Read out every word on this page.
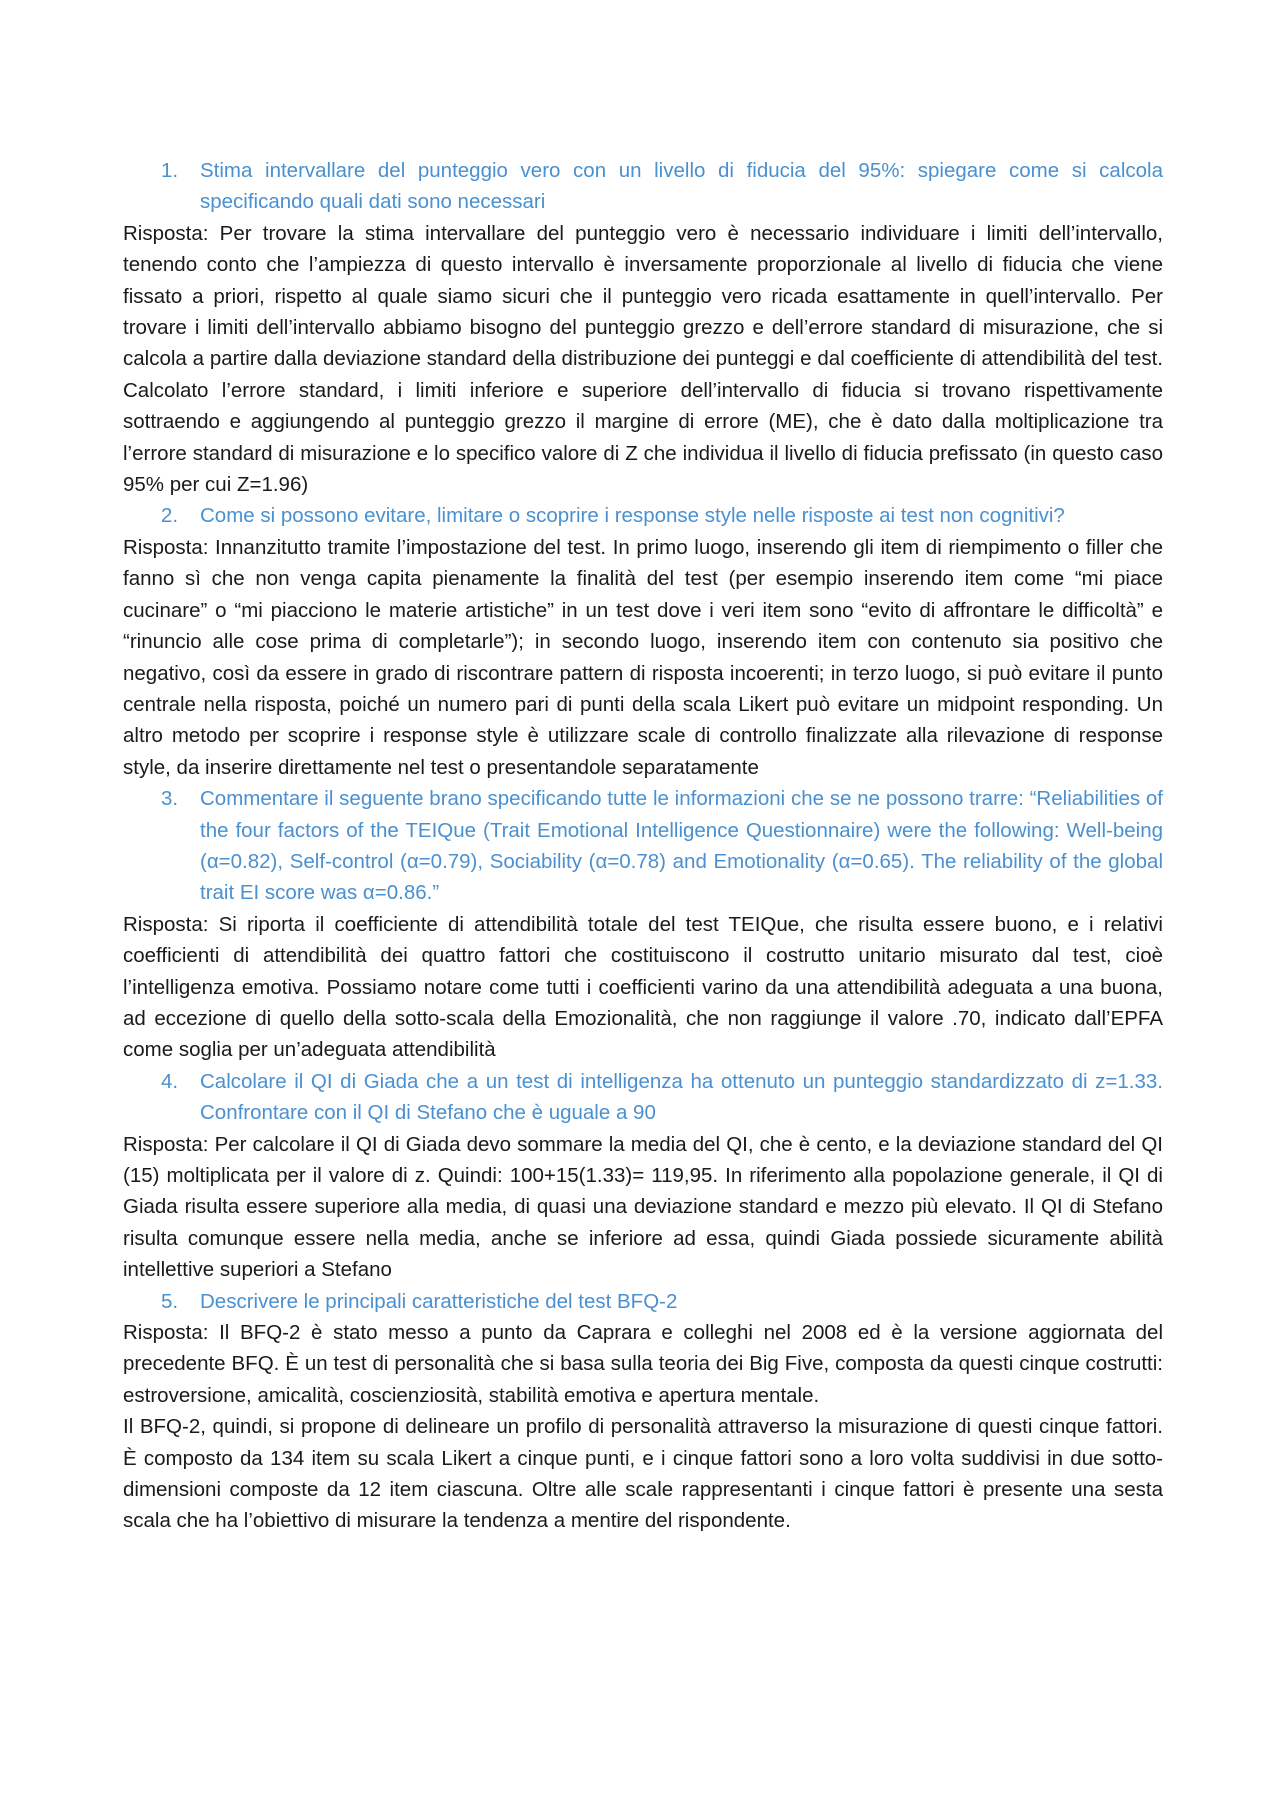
1.	Stima intervallare del punteggio vero con un livello di fiducia del 95%: spiegare come si calcola specificando quali dati sono necessari

Risposta: Per trovare la stima intervallare del punteggio vero è necessario individuare i limiti dell’intervallo, tenendo conto che l’ampiezza di questo intervallo è inversamente proporzionale al livello di fiducia che viene fissato a priori, rispetto al quale siamo sicuri che il punteggio vero ricada esattamente in quell’intervallo. Per trovare i limiti dell’intervallo abbiamo bisogno del punteggio grezzo e dell’errore standard di misurazione, che si calcola a partire dalla deviazione standard della distribuzione dei punteggi e dal coefficiente di attendibilità del test. Calcolato l’errore standard, i limiti inferiore e superiore dell’intervallo di fiducia si trovano rispettivamente sottraendo e aggiungendo al punteggio grezzo il margine di errore (ME), che è dato dalla moltiplicazione tra l’errore standard di misurazione e lo specifico valore di Z che individua il livello di fiducia prefissato (in questo caso 95% per cui Z=1.96)

2.	Come si possono evitare, limitare o scoprire i response style nelle risposte ai test non cognitivi?

Risposta: Innanzitutto tramite l’impostazione del test. In primo luogo, inserendo gli item di riempimento o filler che fanno sì che non venga capita pienamente la finalità del test (per esempio inserendo item come “mi piace cucinare” o “mi piacciono le materie artistiche” in un test dove i veri item sono “evito di affrontare le difficoltà” e “rinuncio alle cose prima di completarle”); in secondo luogo, inserendo item con contenuto sia positivo che negativo, così da essere in grado di riscontrare pattern di risposta incoerenti; in terzo luogo, si può evitare il punto centrale nella risposta, poiché un numero pari di punti della scala Likert può evitare un midpoint responding. Un altro metodo per scoprire i response style è utilizzare scale di controllo finalizzate alla rilevazione di response style, da inserire direttamente nel test o presentandole separatamente

3.	Commentare il seguente brano specificando tutte le informazioni che se ne possono trarre: “Reliabilities of the four factors of the TEIQue (Trait Emotional Intelligence Questionnaire) were the following: Well-being (α=0.82), Self-control (α=0.79), Sociability (α=0.78) and Emotionality (α=0.65). The reliability of the global trait EI score was α=0.86.”

Risposta: Si riporta il coefficiente di attendibilità totale del test TEIQue, che risulta essere buono, e i relativi coefficienti di attendibilità dei quattro fattori che costituiscono il costrutto unitario misurato dal test, cioè l’intelligenza emotiva. Possiamo notare come tutti i coefficienti varino da una attendibilità adeguata a una buona, ad eccezione di quello della sotto-scala della Emozionalità, che non raggiunge il valore .70, indicato dall’EPFA come soglia per un’adeguata attendibilità

4.	Calcolare il QI di Giada che a un test di intelligenza ha ottenuto un punteggio standardizzato di z=1.33. Confrontare con il QI di Stefano che è uguale a 90

Risposta: Per calcolare il QI di Giada devo sommare la media del QI, che è cento, e la deviazione standard del QI (15) moltiplicata per il valore di z. Quindi: 100+15(1.33)= 119,95. In riferimento alla popolazione generale, il QI di Giada risulta essere superiore alla media, di quasi una deviazione standard e mezzo più elevato. Il QI di Stefano risulta comunque essere nella media, anche se inferiore ad essa, quindi Giada possiede sicuramente abilità intellettive superiori a Stefano

5.	Descrivere le principali caratteristiche del test BFQ-2

Risposta: Il BFQ-2 è stato messo a punto da Caprara e colleghi nel 2008 ed è la versione aggiornata del precedente BFQ. È un test di personalità che si basa sulla teoria dei Big Five, composta da questi cinque costrutti: estroversione, amicalità, coscienziosità, stabilità emotiva e apertura mentale.

Il BFQ-2, quindi, si propone di delineare un profilo di personalità attraverso la misurazione di questi cinque fattori. È composto da 134 item su scala Likert a cinque punti, e i cinque fattori sono a loro volta suddivisi in due sotto-dimensioni composte da 12 item ciascuna. Oltre alle scale rappresentanti i cinque fattori è presente una sesta scala che ha l’obiettivo di misurare la tendenza a mentire del rispondente.
